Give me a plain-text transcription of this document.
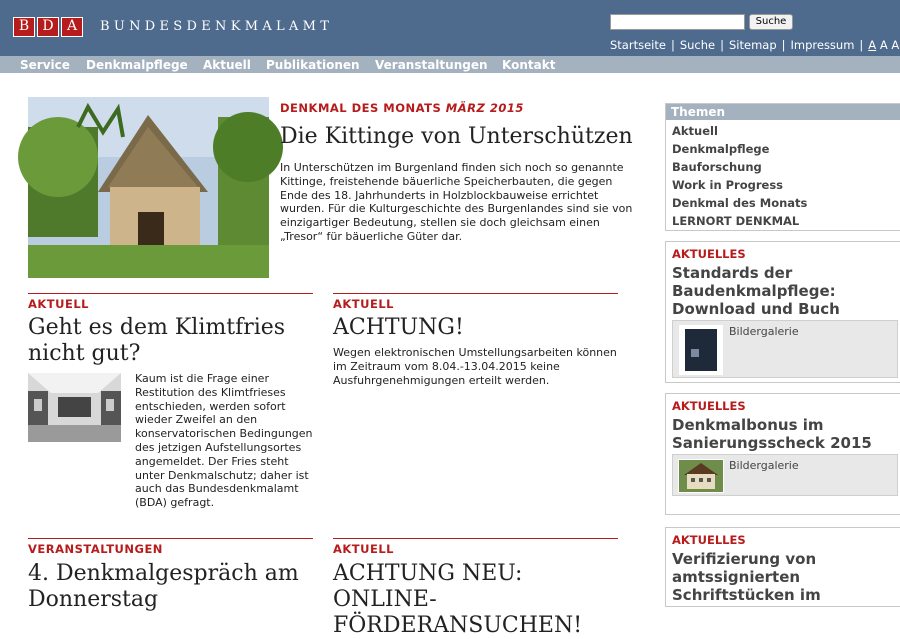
B D A	BUNDESDENKMALAMT	Suche
Startseite | Suche | Sitemap | Impressum | A A A
Service Denkmalpflege Aktuell Publikationen Veranstaltungen Kontakt
DENKMAL DES MONATS MÄRZ 2015
Die Kittinge von Unterschützen
In Unterschützen im Burgenland finden sich noch so genannte Kittinge, freistehende bäuerliche Speicherbauten, die gegen Ende des 18. Jahrhunderts in Holzblockbauweise errichtet wurden. Für die Kulturgeschichte des Burgenlandes sind sie von einzigartiger Bedeutung, stellen sie doch gleichsam einen „Tresor“ für bäuerliche Güter dar.
AKTUELL
Geht es dem Klimtfries nicht gut?
Kaum ist die Frage einer Restitution des Klimtfrieses entschieden, werden sofort wieder Zweifel an den konservatorischen Bedingungen des jetzigen Aufstellungsortes angemeldet. Der Fries steht unter Denkmalschutz; daher ist auch das Bundesdenkmalamt (BDA) gefragt.
AKTUELL
ACHTUNG!
Wegen elektronischen Umstellungsarbeiten können im Zeitraum vom 8.04.-13.04.2015 keine Ausfuhrgenehmigungen erteilt werden.
VERANSTALTUNGEN
4. Denkmalgespräch am Donnerstag
AKTUELL
ACHTUNG NEU: ONLINE-FÖRDERANSUCHEN!
Themen
Aktuell
Denkmalpflege
Bauforschung
Work in Progress
Denkmal des Monats
LERNORT DENKMAL
AKTUELLES
Standards der Baudenkmalpflege: Download und Buch
Bildergalerie
AKTUELLES
Denkmalbonus im Sanierungsscheck 2015
Bildergalerie
AKTUELLES
Verifizierung von amtssignierten Schriftstücken im
